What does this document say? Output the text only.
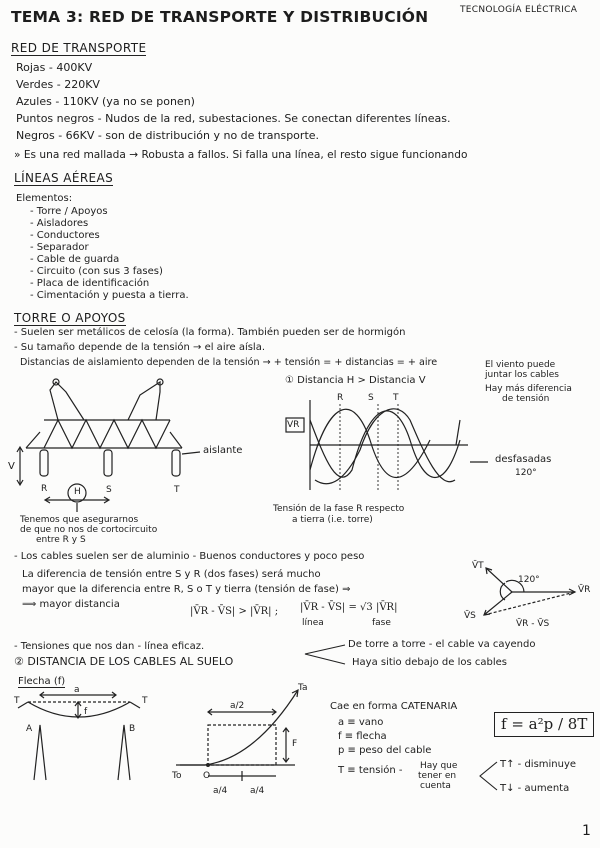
TEMA 3: RED DE TRANSPORTE Y DISTRIBUCIÓN	TECNOLOGÍA ELÉCTRICA
1
RED DE TRANSPORTE
Rojas - 400KV
Verdes - 220KV
Azules - 110KV (ya no se ponen)
Puntos negros - Nudos de la red, subestaciones. Se conectan diferentes líneas.
Negros - 66KV - son de distribución y no de transporte.
» Es una red mallada → Robusta a fallos. Si falla una línea, el resto sigue funcionando
LÍNEAS AÉREAS
Elementos:
- Torre / Apoyos
- Aisladores
- Conductores
- Separador
- Cable de guarda
- Circuito (con sus 3 fases)
- Placa de identificación
- Cimentación y puesta a tierra.
TORRE O APOYOS
- Suelen ser metálicos de celosía (la forma). También pueden ser de hormigón
- Su tamaño depende de la tensión → el aire aísla.
Distancias de aislamiento dependen de la tensión → + tensión = + distancias = + aire
① Distancia H > Distancia V
El viento puede
juntar los cables
Hay más diferencia
de tensión
aislante
V
R	H	S	T
Tenemos que asegurarnos
de que no nos de cortocircuito
entre R y S
VR
R	S T
desfasadas
120°
Tensión de la fase R respecto
a tierra (i.e. torre)
- Los cables suelen ser de aluminio - Buenos conductores y poco peso
La diferencia de tensión entre S y R (dos fases) será mucho
mayor que la diferencia entre R, S o T y tierra (tensión de fase) ⇒
⟹ mayor distancia
|V̄R - V̄S| > |V̄R| ; |V̄R - V̄S| = √3 |V̄R|
línea	fase
V̄T
V̄R
V̄S
V̄R - V̄S
120°
- Tensiones que nos dan - línea eficaz.	De torre a torre - el cable va cayendo
Haya sitio debajo de los cables
② DISTANCIA DE LOS CABLES AL SUELO
Flecha (f)
T	T
a
f
A	B
Ta
a/2
F
To O
a/4	a/4
Cae en forma CATENARIA
a ≡ vano
f ≡ flecha
p ≡ peso del cable
T ≡ tensión - Hay que
tener en
cuenta
f = a²p / 8T
T↑ - disminuye
T↓ - aumenta
